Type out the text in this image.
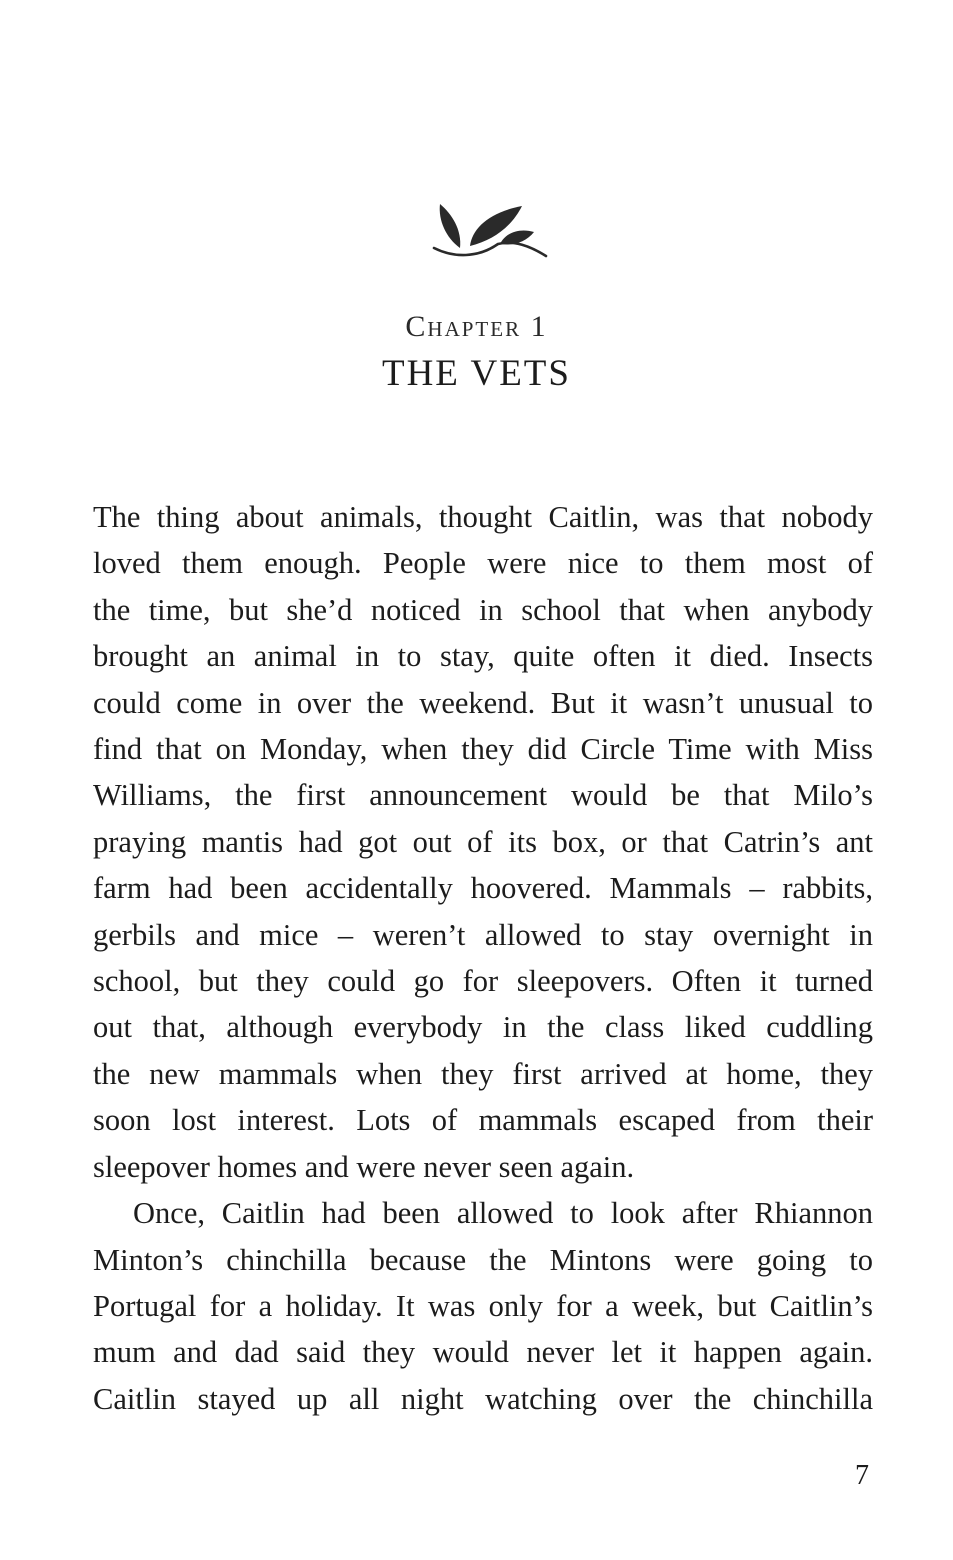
Chapter 1
THE VETS

The thing about animals, thought Caitlin, was that nobody
loved them enough. People were nice to them most of
the time, but she’d noticed in school that when anybody
brought an animal in to stay, quite often it died. Insects
could come in over the weekend. But it wasn’t unusual to
find that on Monday, when they did Circle Time with Miss
Williams, the first announcement would be that Milo’s
praying mantis had got out of its box, or that Catrin’s ant
farm had been accidentally hoovered. Mammals – rabbits,
gerbils and mice – weren’t allowed to stay overnight in
school, but they could go for sleepovers. Often it turned
out that, although everybody in the class liked cuddling
the new mammals when they first arrived at home, they
soon lost interest. Lots of mammals escaped from their
sleepover homes and were never seen again.

Once, Caitlin had been allowed to look after Rhiannon
Minton’s chinchilla because the Mintons were going to
Portugal for a holiday. It was only for a week, but Caitlin’s
mum and dad said they would never let it happen again.
Caitlin stayed up all night watching over the chinchilla

7
